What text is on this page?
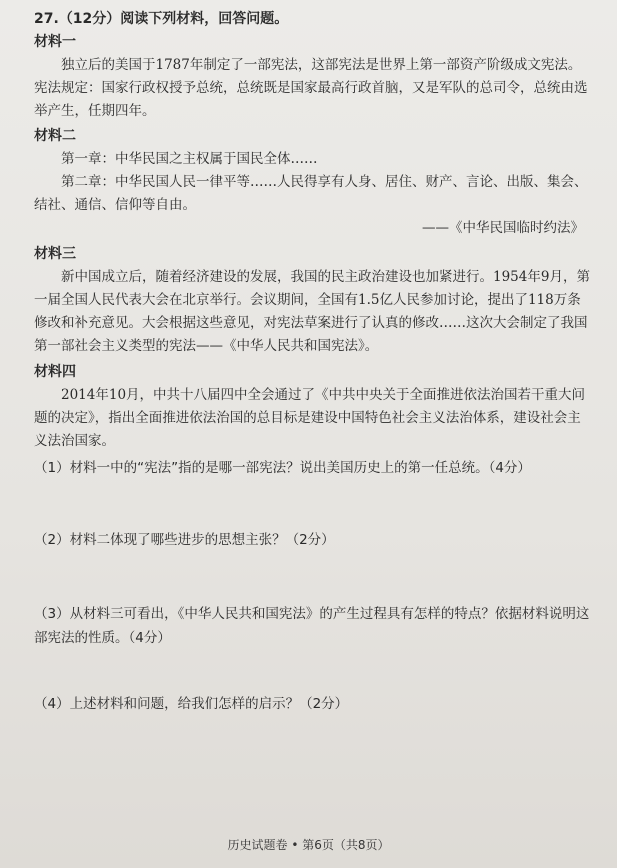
27.（12分）阅读下列材料，回答问题。

材料一

独立后的美国于1787年制定了一部宪法，这部宪法是世界上第一部资产阶级成文宪法。

宪法规定：国家行政权授予总统，总统既是国家最高行政首脑，又是军队的总司令，总统由选举产生，任期四年。

材料二

第一章：中华民国之主权属于国民全体……

第二章：中华民国人民一律平等……人民得享有人身、居住、财产、言论、出版、集会、结社、通信、信仰等自由。

——《中华民国临时约法》

材料三

新中国成立后，随着经济建设的发展，我国的民主政治建设也加紧进行。1954年9月，第一届全国人民代表大会在北京举行。会议期间，全国有1.5亿人民参加讨论，提出了118万条修改和补充意见。大会根据这些意见，对宪法草案进行了认真的修改……这次大会制定了我国第一部社会主义类型的宪法——《中华人民共和国宪法》。

材料四

2014年10月，中共十八届四中全会通过了《中共中央关于全面推进依法治国若干重大问题的决定》，指出全面推进依法治国的总目标是建设中国特色社会主义法治体系，建设社会主义法治国家。

（1）材料一中的“宪法”指的是哪一部宪法？说出美国历史上的第一任总统。（4分）

（2）材料二体现了哪些进步的思想主张？（2分）

（3）从材料三可看出，《中华人民共和国宪法》的产生过程具有怎样的特点？依据材料说明这部宪法的性质。（4分）

（4）上述材料和问题，给我们怎样的启示？（2分）

历史试题卷 • 第6页（共8页）
